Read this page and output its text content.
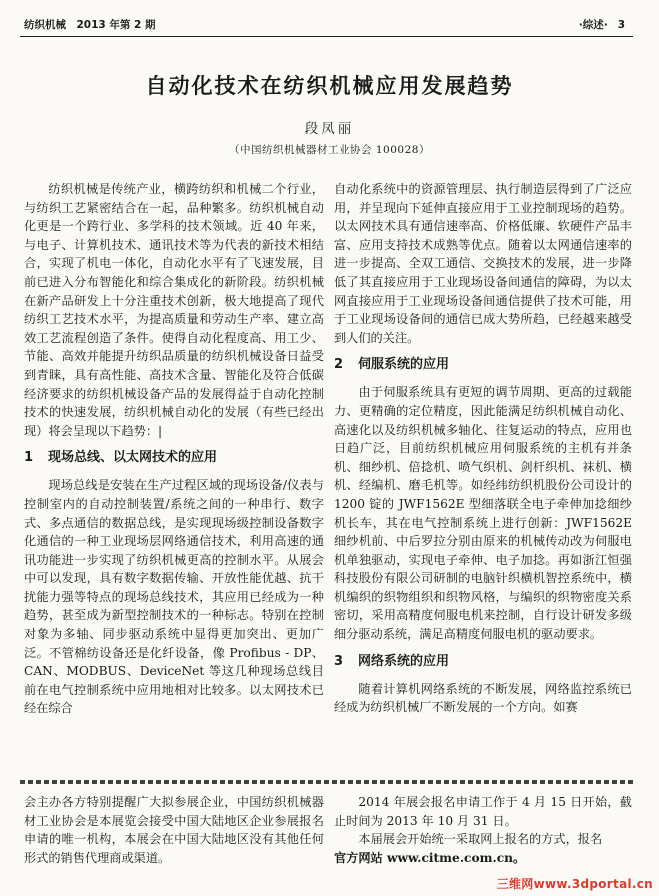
纺织机械　2013 年第 2 期	·综述· 3
自动化技术在纺织机械应用发展趋势
段凤丽
（中国纺织机械器材工业协会 100028）

纺织机械是传统产业，横跨纺织和机械二个行业，与纺织工艺紧密结合在一起，品种繁多。纺织机械自动化更是一个跨行业、多学科的技术领域。近 40 年来，与电子、计算机技术、通讯技术等为代表的新技术相结合，实现了机电一体化，自动化水平有了飞速发展，目前已进入分布智能化和综合集成化的新阶段。纺织机械在新产品研发上十分注重技术创新，极大地提高了现代纺织工艺技术水平，为提高质量和劳动生产率、建立高效工艺流程创造了条件。使得自动化程度高、用工少、节能、高效并能提升纺织品质量的纺织机械设备日益受到青睐，具有高性能、高技术含量、智能化及符合低碳经济要求的纺织机械设备产品的发展得益于自动化控制技术的快速发展，纺织机械自动化的发展（有些已经出现）将会呈现以下趋势：|

1 现场总线、以太网技术的应用

现场总线是安装在生产过程区域的现场设备/仪表与控制室内的自动控制装置/系统之间的一种串行、数字式、多点通信的数据总线，是实现现场级控制设备数字化通信的一种工业现场层网络通信技术，利用高速的通讯功能进一步实现了纺织机械更高的控制水平。从展会中可以发现，具有数字数据传输、开放性能优越、抗干扰能力强等特点的现场总线技术，其应用已经成为一种趋势，甚至成为新型控制技术的一种标志。特别在控制对象为多轴、同步驱动系统中显得更加突出、更加广泛。不管棉纺设备还是化纤设备，像 Profibus - DP、CAN、MODBUS、DeviceNet 等这几种现场总线目前在电气控制系统中应用地相对比较多。以太网技术已经在综合

自动化系统中的资源管理层、执行制造层得到了广泛应用，并呈现向下延伸直接应用于工业控制现场的趋势。以太网技术具有通信速率高、价格低廉、软硬件产品丰富、应用支持技术成熟等优点。随着以太网通信速率的进一步提高、全双工通信、交换技术的发展，进一步降低了其直接应用于工业现场设备间通信的障碍，为以太网直接应用于工业现场设备间通信提供了技术可能，用于工业现场设备间的通信已成大势所趋，已经越来越受到人们的关注。

2 伺服系统的应用

由于伺服系统具有更短的调节周期、更高的过载能力、更精确的定位精度，因此能满足纺织机械自动化、高速化以及纺织机械多轴化、往复运动的特点，应用也日趋广泛，目前纺织机械应用伺服系统的主机有并条机、细纱机、倍捻机、喷气织机、剑杆织机、袜机、横机、经编机、磨毛机等。如经纬纺织机股份公司设计的 1200 锭的 JWF1562E 型细落联全电子牵伸加捻细纱机长车，其在电气控制系统上进行创新：JWF1562E 细纱机前、中后罗拉分别由原来的机械传动改为伺服电机单独驱动，实现电子牵伸、电子加捻。再如浙江恒强科技股份有限公司研制的电脑针织横机智控系统中，横机编织的织物组织和织物风格，与编织的织物密度关系密切，采用高精度伺服电机来控制，自行设计研发多级细分驱动系统，满足高精度伺服电机的驱动要求。

3 网络系统的应用

随着计算机网络系统的不断发展，网络监控系统已经成为纺织机械厂不断发展的一个方向。如赛

会主办各方特别提醒广大拟参展企业，中国纺织机械器材工业协会是本展览会接受中国大陆地区企业参展报名申请的唯一机构，本展会在中国大陆地区没有其他任何形式的销售代理商或渠道。

2014 年展会报名申请工作于 4 月 15 日开始，截止时间为 2013 年 10 月 31 日。

本届展会开始统一采取网上报名的方式，报名

官方网站 www.citme.com.cn。

三维网www.3dportal.cn
